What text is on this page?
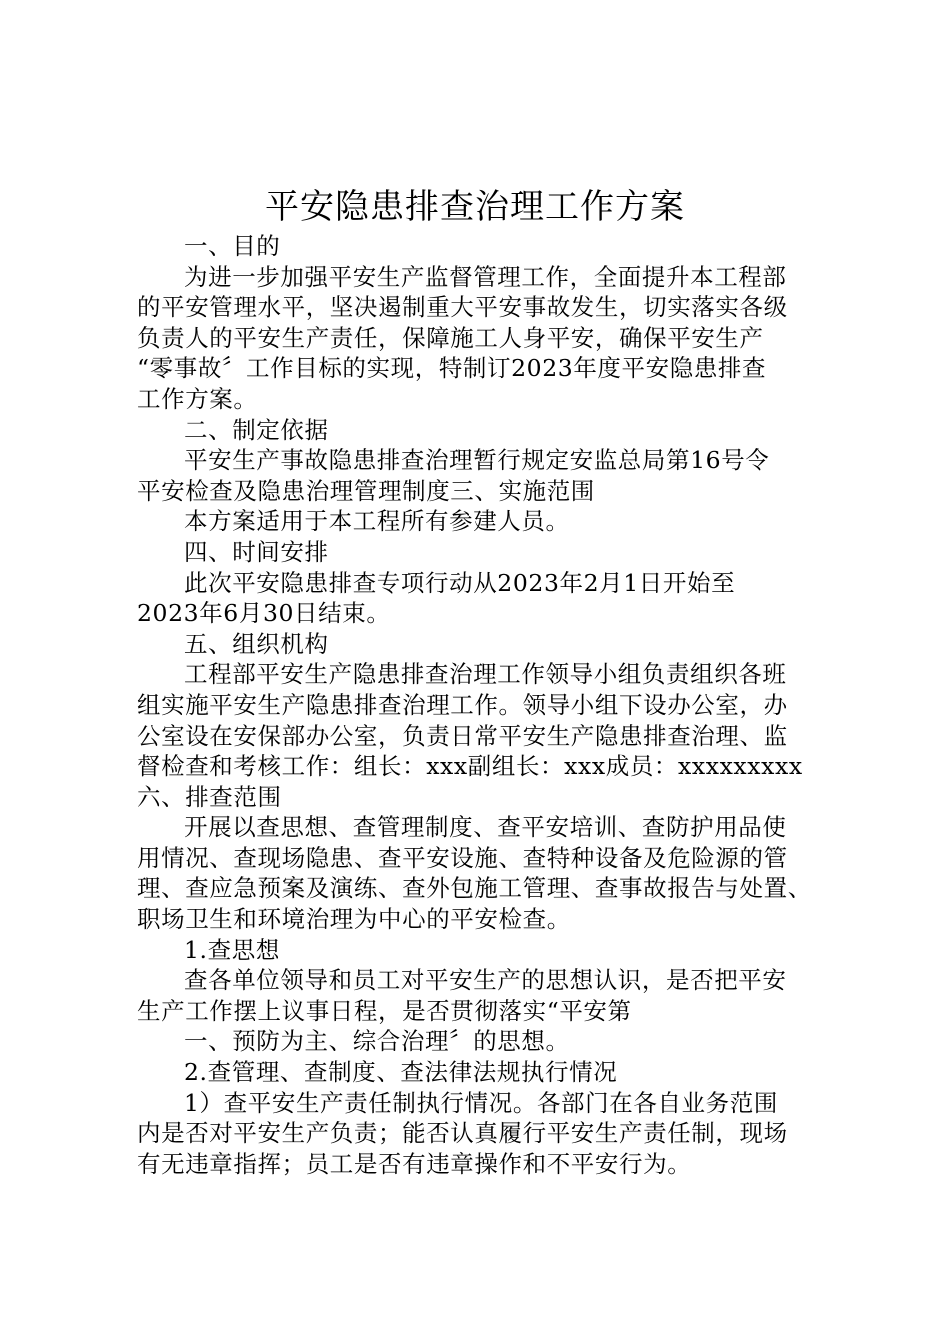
平安隐患排查治理工作方案
一、目的
为进一步加强平安生产监督管理工作，全面提升本工程部
的平安管理水平，坚决遏制重大平安事故发生，切实落实各级
负责人的平安生产责任，保障施工人身平安，确保平安生产
“零事故〞工作目标的实现，特制订2023年度平安隐患排查
工作方案。
二、制定依据
平安生产事故隐患排查治理暂行规定安监总局第16号令
平安检查及隐患治理管理制度三、实施范围
本方案适用于本工程所有参建人员。
四、时间安排
此次平安隐患排查专项行动从2023年2月1日开始至
2023年6月30日结束。
五、组织机构
工程部平安生产隐患排查治理工作领导小组负责组织各班
组实施平安生产隐患排查治理工作。领导小组下设办公室，办
公室设在安保部办公室，负责日常平安生产隐患排查治理、监
督检查和考核工作：组长：xxx副组长：xxx成员：xxxxxxxxx
六、排查范围
开展以查思想、查管理制度、查平安培训、查防护用品使
用情况、查现场隐患、查平安设施、查特种设备及危险源的管
理、查应急预案及演练、查外包施工管理、查事故报告与处置、
职场卫生和环境治理为中心的平安检查。
1.查思想
查各单位领导和员工对平安生产的思想认识，是否把平安
生产工作摆上议事日程，是否贯彻落实“平安第
一、预防为主、综合治理〞的思想。
2.查管理、查制度、查法律法规执行情况
1）查平安生产责任制执行情况。各部门在各自业务范围
内是否对平安生产负责；能否认真履行平安生产责任制，现场
有无违章指挥；员工是否有违章操作和不平安行为。
